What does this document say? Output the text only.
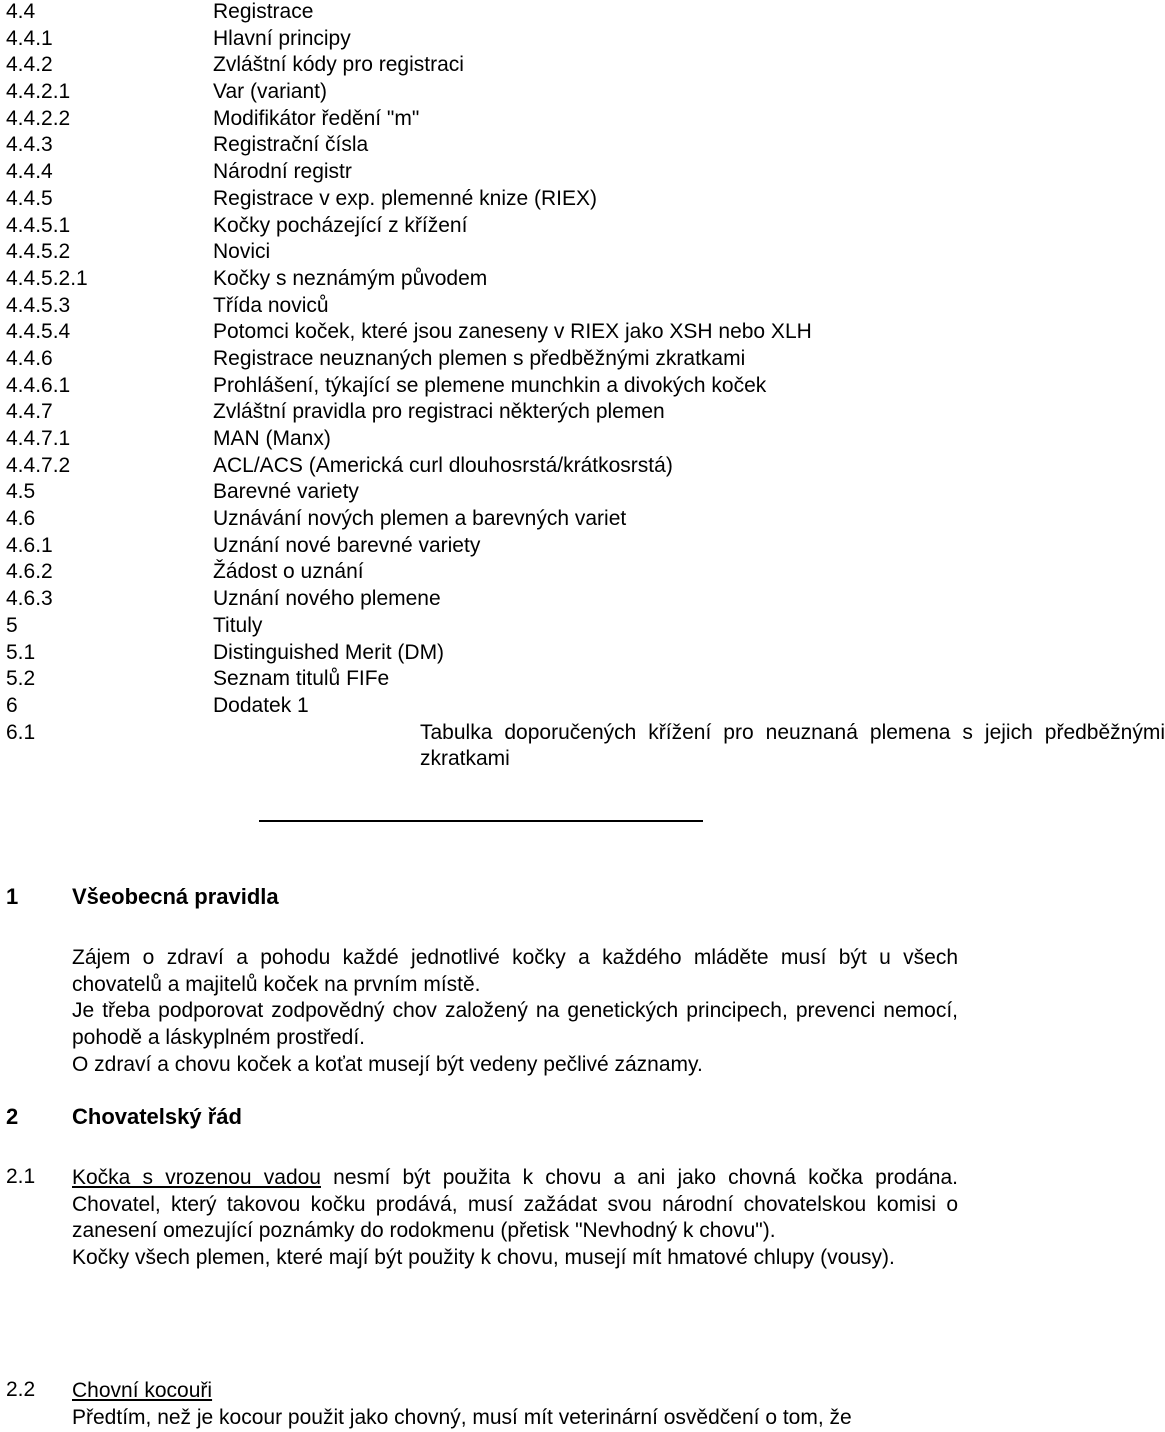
4.4	Registrace
4.4.1	Hlavní principy
4.4.2	Zvláštní kódy pro registraci
4.4.2.1	Var (variant)
4.4.2.2	Modifikátor ředění "m"
4.4.3	Registrační čísla
4.4.4	Národní registr
4.4.5	Registrace v exp. plemenné knize (RIEX)
4.4.5.1	Kočky pocházející z křížení
4.4.5.2	Novici
4.4.5.2.1	Kočky s neznámým původem
4.4.5.3	Třída noviců
4.4.5.4	Potomci koček, které jsou zaneseny v RIEX jako XSH nebo XLH
4.4.6	Registrace neuznaných plemen s předběžnými zkratkami
4.4.6.1	Prohlášení, týkající se plemene munchkin a divokých koček
4.4.7	Zvláštní pravidla pro registraci některých plemen
4.4.7.1	MAN (Manx)
4.4.7.2	ACL/ACS (Americká curl dlouhosrstá/krátkosrstá)
4.5	Barevné variety
4.6	Uznávání nových plemen a barevných variet
4.6.1	Uznání nové barevné variety
4.6.2	Žádost o uznání
4.6.3	Uznání nového plemene
5	Tituly
5.1	Distinguished Merit (DM)
5.2	Seznam titulů FIFe
6	Dodatek 1
6.1	Tabulka doporučených křížení pro neuznaná plemena s jejich předběžnými zkratkami
1 Všeobecná pravidla

Zájem o zdraví a pohodu každé jednotlivé kočky a každého mláděte musí být u všech chovatelů a majitelů koček na prvním místě.

Je třeba podporovat zodpovědný chov založený na genetických principech, prevenci nemocí, pohodě a láskyplném prostředí.

O zdraví a chovu koček a koťat musejí být vedeny pečlivé záznamy.

2 Chovatelský řád
2.1 Kočka s vrozenou vadou nesmí být použita k chovu a ani jako chovná kočka prodána. Chovatel, který takovou kočku prodává, musí zažádat svou národní chovatelskou komisi o zanesení omezující poznámky do rodokmenu (přetisk "Nevhodný k chovu").

Kočky všech plemen, které mají být použity k chovu, musejí mít hmatové chlupy (vousy).

2.2 Chovní kocouři

Předtím, než je kocour použit jako chovný, musí mít veterinární osvědčení o tom, že
